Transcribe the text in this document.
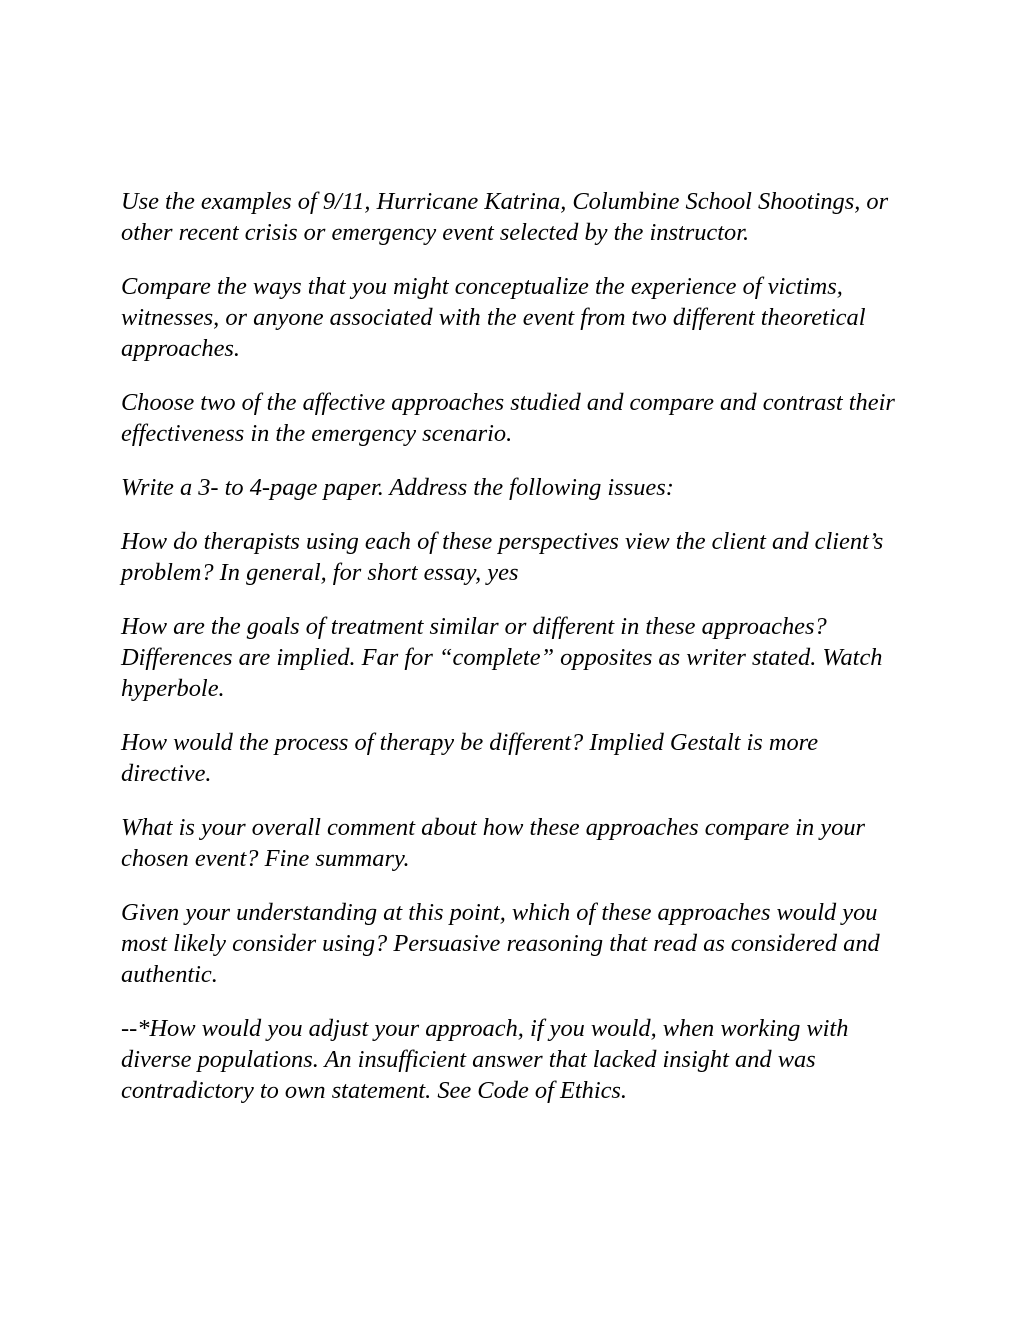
Use the examples of 9/11, Hurricane Katrina, Columbine School Shootings, or other recent crisis or emergency event selected by the instructor.

Compare the ways that you might conceptualize the experience of victims, witnesses, or anyone associated with the event from two different theoretical approaches.

Choose two of the affective approaches studied and compare and contrast their effectiveness in the emergency scenario.

Write a 3- to 4-page paper. Address the following issues:

How do therapists using each of these perspectives view the client and client’s problem? In general, for short essay, yes

How are the goals of treatment similar or different in these approaches? Differences are implied. Far for “complete” opposites as writer stated. Watch hyperbole.

How would the process of therapy be different? Implied Gestalt is more directive.

What is your overall comment about how these approaches compare in your chosen event? Fine summary.

Given your understanding at this point, which of these approaches would you most likely consider using? Persuasive reasoning that read as considered and authentic.

--*How would you adjust your approach, if you would, when working with diverse populations. An insufficient answer that lacked insight and was contradictory to own statement. See Code of Ethics.
